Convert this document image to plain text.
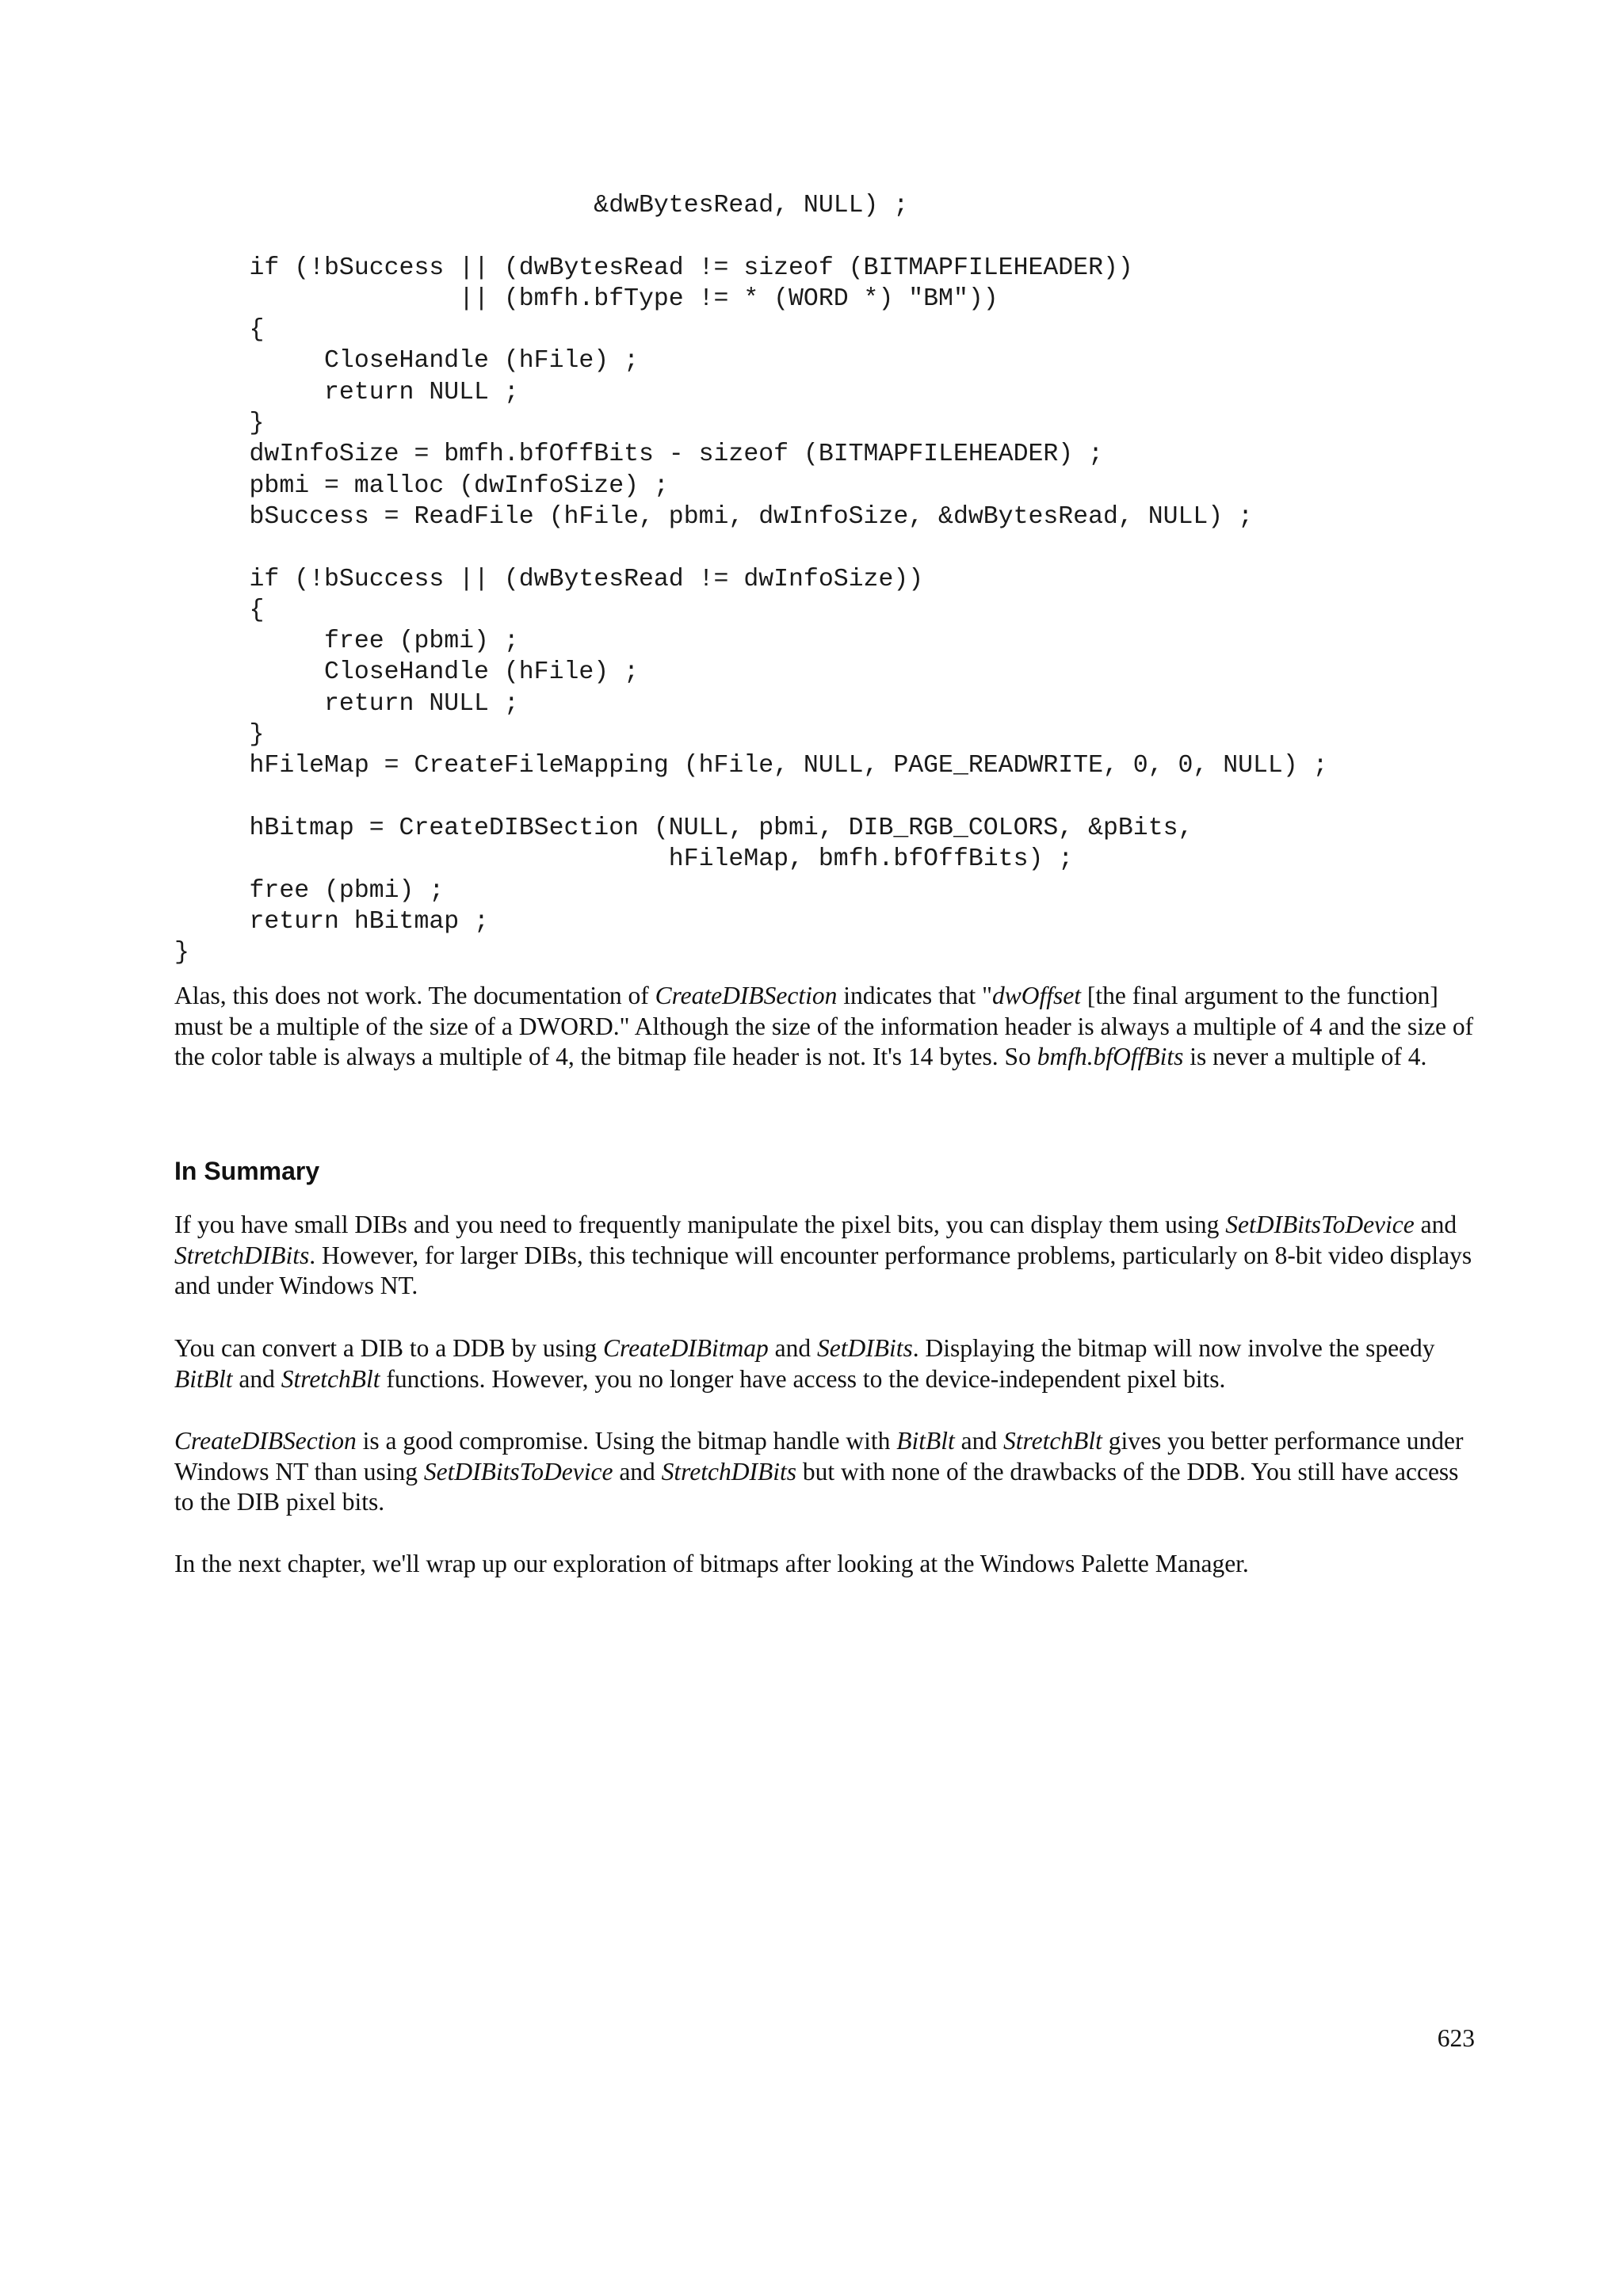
&dwBytesRead, NULL) ;
if (!bSuccess || (dwBytesRead != sizeof (BITMAPFILEHEADER))
|| (bmfh.bfType != * (WORD *) "BM"))
{
CloseHandle (hFile) ;
return NULL ;
}
dwInfoSize = bmfh.bfOffBits - sizeof (BITMAPFILEHEADER) ;
pbmi = malloc (dwInfoSize) ;
bSuccess = ReadFile (hFile, pbmi, dwInfoSize, &dwBytesRead, NULL) ;
if (!bSuccess || (dwBytesRead != dwInfoSize))
{
free (pbmi) ;
CloseHandle (hFile) ;
return NULL ;
}
hFileMap = CreateFileMapping (hFile, NULL, PAGE_READWRITE, 0, 0, NULL) ;
hBitmap = CreateDIBSection (NULL, pbmi, DIB_RGB_COLORS, &pBits,
hFileMap, bmfh.bfOffBits) ;
free (pbmi) ;
return hBitmap ;
}

Alas, this does not work. The documentation of CreateDIBSection indicates that "dwOffset [the final argument to the function] must be a multiple of the size of a DWORD." Although the size of the information header is always a multiple of 4 and the size of the color table is always a multiple of 4, the bitmap file header is not. It's 14 bytes. So bmfh.bfOffBits is never a multiple of 4.

In Summary

If you have small DIBs and you need to frequently manipulate the pixel bits, you can display them using SetDIBitsToDevice and StretchDIBits. However, for larger DIBs, this technique will encounter performance problems, particularly on 8-bit video displays and under Windows NT.

You can convert a DIB to a DDB by using CreateDIBitmap and SetDIBits. Displaying the bitmap will now involve the speedy BitBlt and StretchBlt functions. However, you no longer have access to the device-independent pixel bits.

CreateDIBSection is a good compromise. Using the bitmap handle with BitBlt and StretchBlt gives you better performance under Windows NT than using SetDIBitsToDevice and StretchDIBits but with none of the drawbacks of the DDB. You still have access to the DIB pixel bits.

In the next chapter, we'll wrap up our exploration of bitmaps after looking at the Windows Palette Manager.

623
